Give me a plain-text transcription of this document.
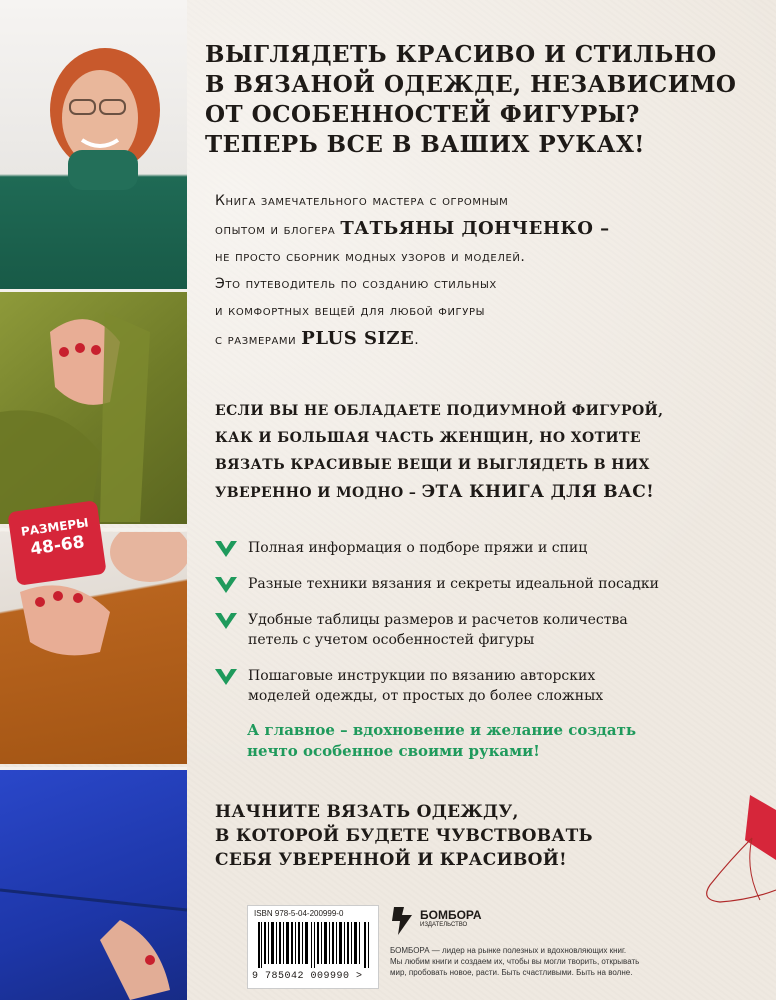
РАЗМЕРЫ
48-68
ВЫГЛЯДЕТЬ КРАСИВО И СТИЛЬНО
В ВЯЗАНОЙ ОДЕЖДЕ, НЕЗАВИСИМО
ОТ ОСОБЕННОСТЕЙ ФИГУРЫ?
ТЕПЕРЬ ВСЕ В ВАШИХ РУКАХ!
Книга замечательного мастера с огромным
опытом и блогера ТАТЬЯНЫ ДОНЧЕНКО –
не просто сборник модных узоров и моделей.
Это путеводитель по созданию стильных
и комфортных вещей для любой фигуры
с размерами PLUS SIZE.
ЕСЛИ ВЫ НЕ ОБЛАДАЕТЕ ПОДИУМНОЙ ФИГУРОЙ,
КАК И БОЛЬШАЯ ЧАСТЬ ЖЕНЩИН, НО ХОТИТЕ
ВЯЗАТЬ КРАСИВЫЕ ВЕЩИ И ВЫГЛЯДЕТЬ В НИХ
УВЕРЕННО И МОДНО – ЭТА КНИГА ДЛЯ ВАС!
Полная информация о подборе пряжи и спиц
Разные техники вязания и секреты идеальной посадки
Удобные таблицы размеров и расчетов количества
петель с учетом особенностей фигуры
Пошаговые инструкции по вязанию авторских
моделей одежды, от простых до более сложных
А главное – вдохновение и желание создать
нечто особенное своими руками!
НАЧНИТЕ ВЯЗАТЬ ОДЕЖДУ,
В КОТОРОЙ БУДЕТЕ ЧУВСТВОВАТЬ
СЕБЯ УВЕРЕННОЙ И КРАСИВОЙ!
ISBN 978-5-04-200999-0
9 785042 009990 >
БОМБОРА
ИЗДАТЕЛЬСТВО
БОМБОРА — лидер на рынке полезных и вдохновляющих книг.
Мы любим книги и создаем их, чтобы вы могли творить, открывать
мир, пробовать новое, расти. Быть счастливыми. Быть на волне.
